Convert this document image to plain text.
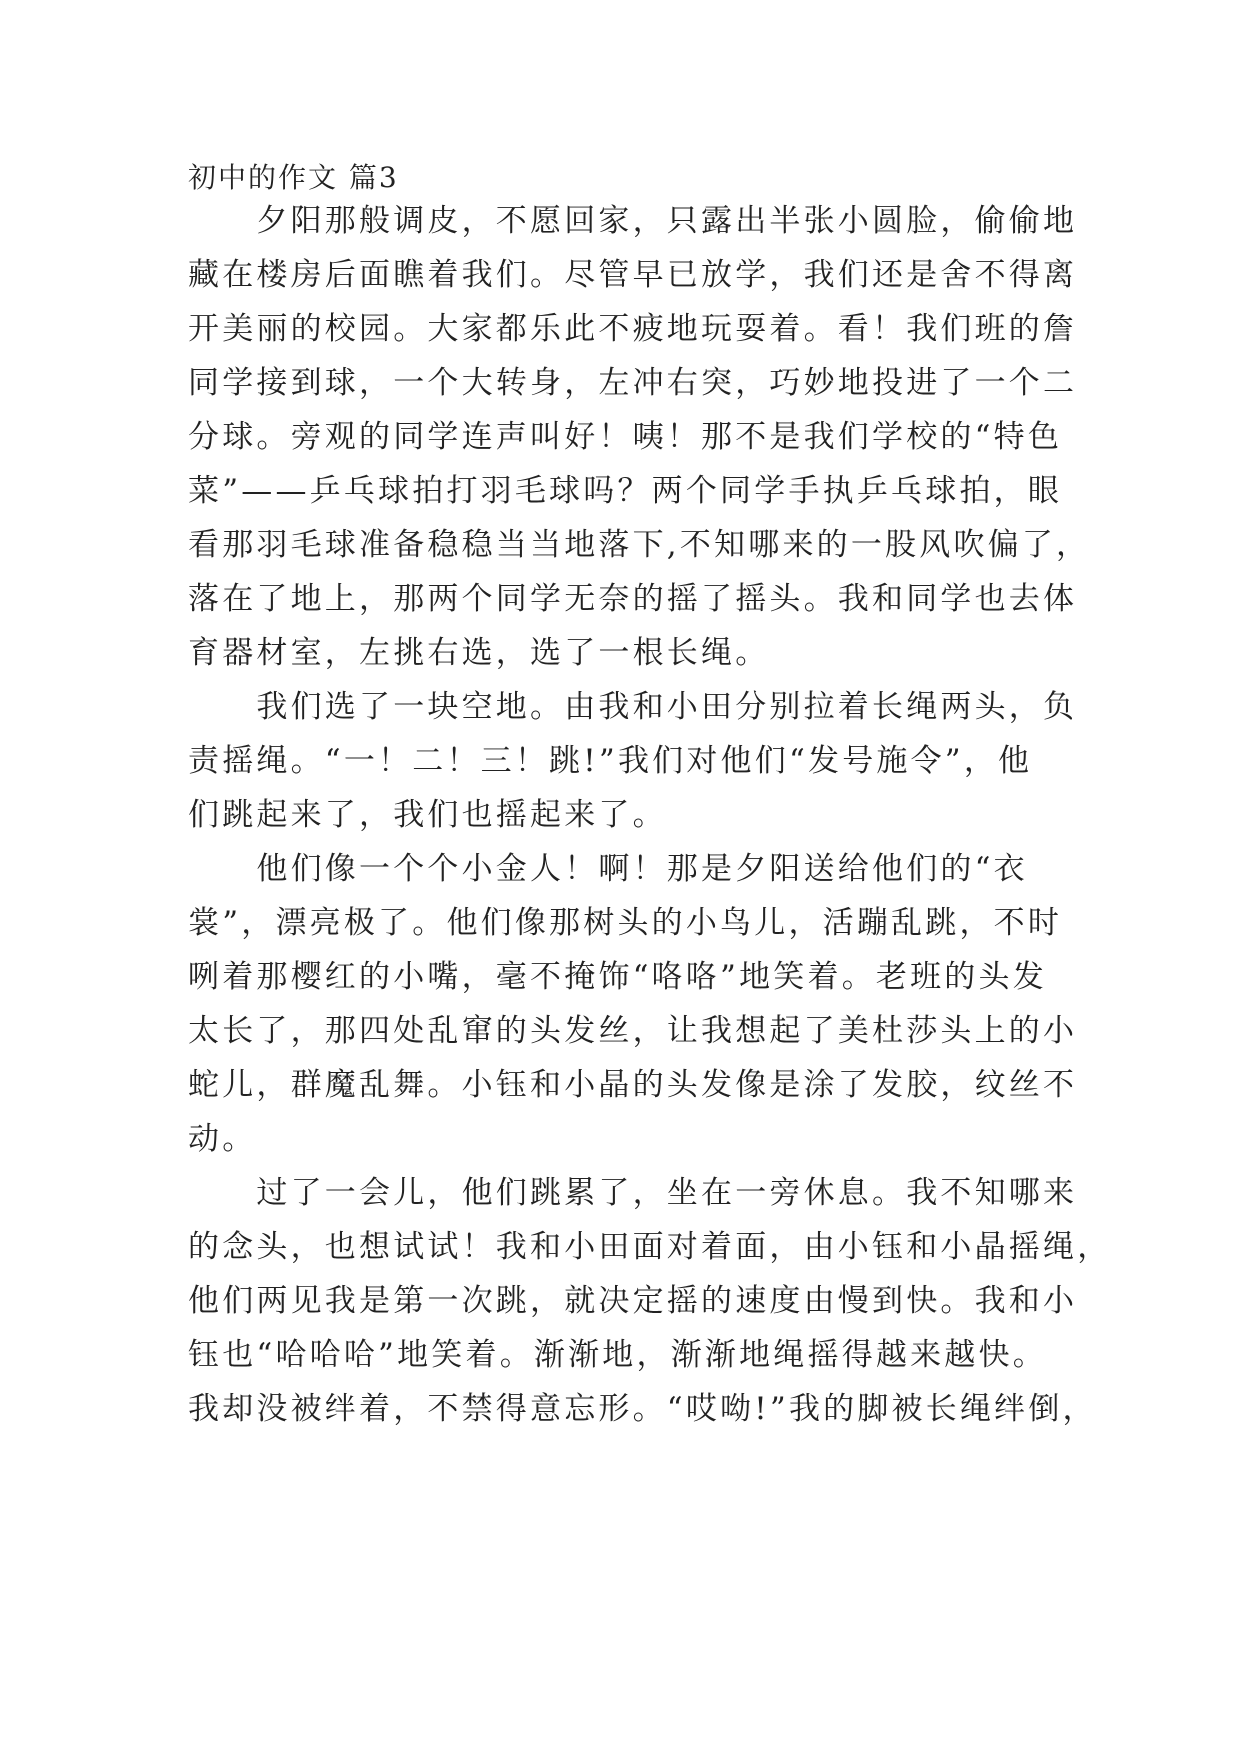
初中的作文 篇3
　　夕阳那般调皮，不愿回家，只露出半张小圆脸，偷偷地
藏在楼房后面瞧着我们。尽管早已放学，我们还是舍不得离
开美丽的校园。大家都乐此不疲地玩耍着。看！我们班的詹
同学接到球，一个大转身，左冲右突，巧妙地投进了一个二
分球。旁观的同学连声叫好！咦！那不是我们学校的“特色
菜”——乒乓球拍打羽毛球吗？两个同学手执乒乓球拍，眼
看那羽毛球准备稳稳当当地落下,不知哪来的一股风吹偏了，
落在了地上，那两个同学无奈的摇了摇头。我和同学也去体
育器材室，左挑右选，选了一根长绳。
　　我们选了一块空地。由我和小田分别拉着长绳两头，负
责摇绳。“一！二！三！跳!”我们对他们“发号施令”，他
们跳起来了，我们也摇起来了。
　　他们像一个个小金人！啊！那是夕阳送给他们的“衣
裳”，漂亮极了。他们像那树头的小鸟儿，活蹦乱跳，不时
咧着那樱红的小嘴，毫不掩饰“咯咯”地笑着。老班的头发
太长了，那四处乱窜的头发丝，让我想起了美杜莎头上的小
蛇儿，群魔乱舞。小钰和小晶的头发像是涂了发胶，纹丝不
动。
　　过了一会儿，他们跳累了，坐在一旁休息。我不知哪来
的念头，也想试试！我和小田面对着面，由小钰和小晶摇绳，
他们两见我是第一次跳，就决定摇的速度由慢到快。我和小
钰也“哈哈哈”地笑着。渐渐地，渐渐地绳摇得越来越快。
我却没被绊着，不禁得意忘形。“哎呦!”我的脚被长绳绊倒，
